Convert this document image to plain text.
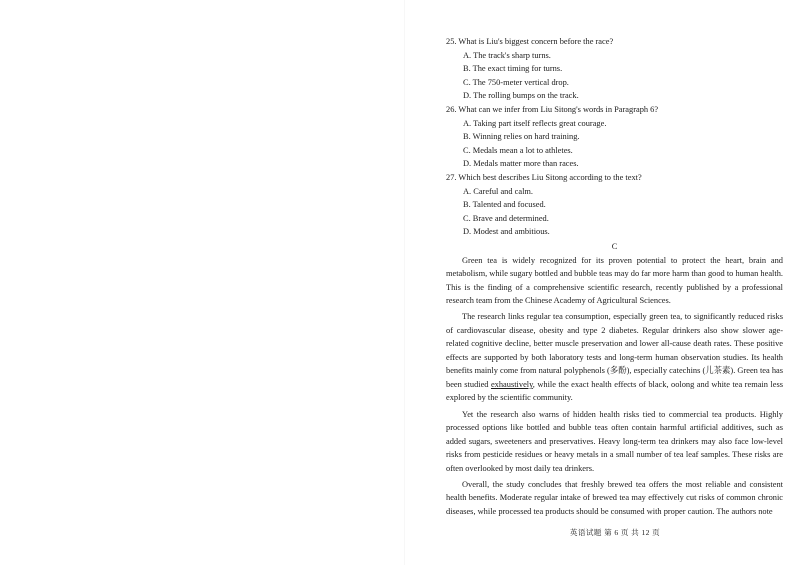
25. What is Liu's biggest concern before the race?

A. The track's sharp turns.

B. The exact timing for turns.

C. The 750-meter vertical drop.

D. The rolling bumps on the track.

26. What can we infer from Liu Sitong's words in Paragraph 6?

A. Taking part itself reflects great courage.

B. Winning relies on hard training.

C. Medals mean a lot to athletes.

D. Medals matter more than races.

27. Which best describes Liu Sitong according to the text?

A. Careful and calm.

B. Talented and focused.

C. Brave and determined.

D. Modest and ambitious.

C

Green tea is widely recognized for its proven potential to protect the heart, brain and metabolism, while sugary bottled and bubble teas may do far more harm than good to human health. This is the finding of a comprehensive scientific research, recently published by a professional research team from the Chinese Academy of Agricultural Sciences.

The research links regular tea consumption, especially green tea, to significantly reduced risks of cardiovascular disease, obesity and type 2 diabetes. Regular drinkers also show slower age-related cognitive decline, better muscle preservation and lower all-cause death rates. These positive effects are supported by both laboratory tests and long-term human observation studies. Its health benefits mainly come from natural polyphenols (多酚), especially catechins (儿茶素). Green tea has been studied exhaustively, while the exact health effects of black, oolong and white tea remain less explored by the scientific community.

Yet the research also warns of hidden health risks tied to commercial tea products. Highly processed options like bottled and bubble teas often contain harmful artificial additives, such as added sugars, sweeteners and preservatives. Heavy long-term tea drinkers may also face low-level risks from pesticide residues or heavy metals in a small number of tea leaf samples. These risks are often overlooked by most daily tea drinkers.

Overall, the study concludes that freshly brewed tea offers the most reliable and consistent health benefits. Moderate regular intake of brewed tea may effectively cut risks of common chronic diseases, while processed tea products should be consumed with proper caution. The authors note

英语试题 第 6 页 共 12 页
